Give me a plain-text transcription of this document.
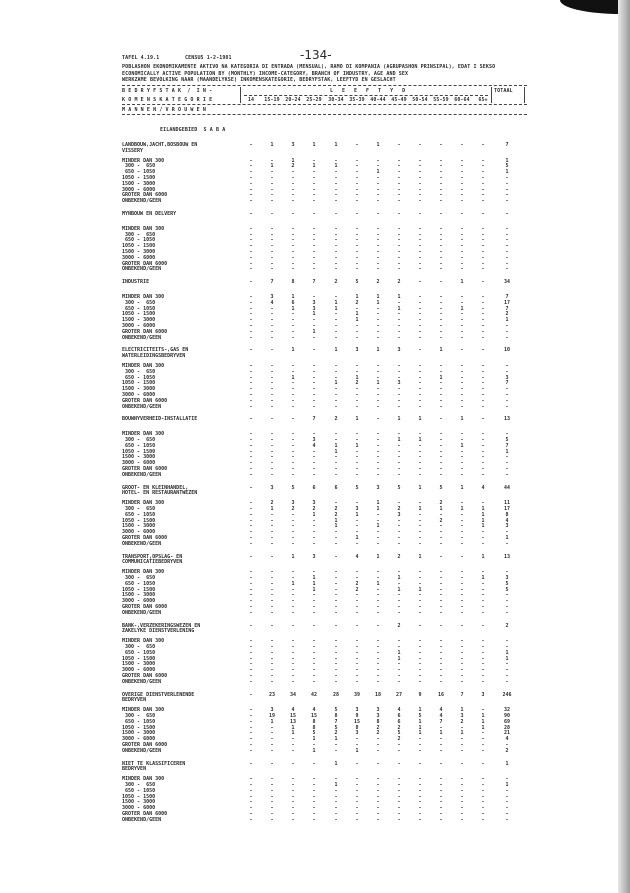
TAFEL 4.19.1	CENSUS 1-2-1981	-134-
POBLASHON EKONOMIKAMENTE AKTIVO NA KATEGORIA DI ENTRADA (MENSUAL), RAMO DI KOMPANIA (AGRUPASHON PRINSIPAL), EDAT I SEKSO
ECONOMICALLY ACTIVE POPULATION BY (MONTHLY) INCOME-CATEGORY, BRANCH OF INDUSTRY, AGE AND SEX
WERKZAME BEVOLKING NAAR (MAANDELYKSE) INKOMENSKATEGORIE, BEDRYFSTAK, LEEFTYD EN GESLACHT
B E D R Y F S T A K  /  I N -	L E E F T Y D	TOTAAL
K O M E N S K A T E G O R I E	14	15-19	20-24	25-29	30-34	35-39	40-44	45-49	50-54	55-59	60-64	65+
M A N N E N / V R O U W E N
EILANDGEBIED  S A B A
LANDBOUW,JACHT,BOSBOUW EN	-	1	3	1	1	-	1	-	-	-	-	-	7
VISSERY
MINDER DAN 300	-	-	1	-	-	-	-	-	-	-	-	-	1
300 -  650	-	1	2	1	1	-	-	-	-	-	-	-	5
650 - 1050	-	-	-	-	-	-	1	-	-	-	-	-	1
1050 - 1500	-	-	-	-	-	-	-	-	-	-	-	-	-
1500 - 3000	-	-	-	-	-	-	-	-	-	-	-	-	-
3000 - 6000	-	-	-	-	-	-	-	-	-	-	-	-	-
GROTER DAN 6000	-	-	-	-	-	-	-	-	-	-	-	-	-
ONBEKEND/GEEN	-	-	-	-	-	-	-	-	-	-	-	-	-
MYNBOUW EN DELVERY	-	-	-	-	-	-	-	-	-	-	-	-	-
MINDER DAN 300	-	-	-	-	-	-	-	-	-	-	-	-	-
300 -  650	-	-	-	-	-	-	-	-	-	-	-	-	-
650 - 1050	-	-	-	-	-	-	-	-	-	-	-	-	-
1050 - 1500	-	-	-	-	-	-	-	-	-	-	-	-	-
1500 - 3000	-	-	-	-	-	-	-	-	-	-	-	-	-
3000 - 6000	-	-	-	-	-	-	-	-	-	-	-	-	-
GROTER DAN 6000	-	-	-	-	-	-	-	-	-	-	-	-	-
ONBEKEND/GEEN	-	-	-	-	-	-	-	-	-	-	-	-	-
INDUSTRIE	-	7	8	7	2	5	2	2	-	-	1	-	34
MINDER DAN 300	-	3	1	-	-	1	1	1	-	-	-	-	7
300 -  650	-	4	6	3	1	2	1	-	-	-	-	-	17
650 - 1050	-	-	1	3	1	-	-	1	-	-	1	-	7
1050 - 1500	-	-	-	1	-	1	-	-	-	-	-	-	2
1500 - 3000	-	-	-	-	-	1	-	-	-	-	-	-	1
3000 - 6000	-	-	-	-	-	-	-	-	-	-	-	-	-
GROTER DAN 6000	-	-	-	1	-	-	-	-	-	-	-	-	-
ONBEKEND/GEEN	-	-	-	-	-	-	-	-	-	-	-	-	-
ELECTRICITEITS-,GAS EN	-	-	1	-	1	3	1	3	-	1	-	-	10
WATERLEIDINGSBEDRYVEN
MINDER DAN 300	-	-	-	-	-	-	-	-	-	-	-	-	-
300 -  650	-	-	-	-	-	-	-	-	-	-	-	-	-
650 - 1050	-	-	1	-	-	1	-	-	-	1	-	-	3
1050 - 1500	-	-	-	-	1	2	1	3	-	-	-	-	7
1500 - 3000	-	-	-	-	-	-	-	-	-	-	-	-	-
3000 - 6000	-	-	-	-	-	-	-	-	-	-	-	-	-
GROTER DAN 6000	-	-	-	-	-	-	-	-	-	-	-	-	-
ONBEKEND/GEEN	-	-	-	-	-	-	-	-	-	-	-	-	-
BOUWNYVERHEID-INSTALLATIE	-	-	-	7	2	1	-	1	1	-	1	-	13
MINDER DAN 300	-	-	-	-	-	-	-	-	-	-	-	-	-
300 -  650	-	-	-	3	-	-	-	1	1	-	-	-	5
650 - 1050	-	-	-	4	1	1	-	-	-	-	1	-	7
1050 - 1500	-	-	-	-	1	-	-	-	-	-	-	-	1
1500 - 3000	-	-	-	-	-	-	-	-	-	-	-	-	-
3000 - 6000	-	-	-	-	-	-	-	-	-	-	-	-	-
GROTER DAN 6000	-	-	-	-	-	-	-	-	-	-	-	-	-
ONBEKEND/GEEN	-	-	-	-	-	-	-	-	-	-	-	-	-
GROOT- EN KLEINHANDEL,	-	3	5	6	6	5	3	5	1	5	1	4	44
HOTEL- EN RESTAURANTWEZEN
MINDER DAN 300	-	2	3	3	-	-	1	-	-	2	-	-	11
300 -  650	-	1	2	2	2	3	1	2	1	1	1	1	17
650 - 1050	-	-	-	1	2	1	-	3	-	-	-	1	8
1050 - 1500	-	-	-	-	1	-	-	-	-	2	-	1	4
1500 - 3000	-	-	-	-	1	-	1	-	-	-	-	1	3
3000 - 6000	-	-	-	-	-	-	-	-	-	-	-	-	-
GROTER DAN 6000	-	-	-	-	-	1	-	-	-	-	-	-	1
ONBEKEND/GEEN	-	-	-	-	-	-	-	-	-	-	-	-	-
TRANSPORT,OPSLAG- EN	-	-	1	3	-	4	1	2	1	-	-	1	13
COMMUNICATIEBEDRYVEN
MINDER DAN 300	-	-	-	-	-	-	-	-	-	-	-	-	-
300 -  650	-	-	-	1	-	-	-	1	-	-	-	1	3
650 - 1050	-	-	1	1	-	2	1	-	-	-	-	-	5
1050 - 1500	-	-	-	1	-	2	-	1	1	-	-	-	5
1500 - 3000	-	-	-	-	-	-	-	-	-	-	-	-	-
3000 - 6000	-	-	-	-	-	-	-	-	-	-	-	-	-
GROTER DAN 6000	-	-	-	-	-	-	-	-	-	-	-	-	-
ONBEKEND/GEEN	-	-	-	-	-	-	-	-	-	-	-	-	-
BANK-,VERZEKERINGSWEZEN EN	-	-	-	-	-	-	-	2	-	-	-	-	2
ZAKELYKE DIENSTVERLENING
MINDER DAN 300	-	-	-	-	-	-	-	-	-	-	-	-	-
300 -  650	-	-	-	-	-	-	-	-	-	-	-	-	-
650 - 1050	-	-	-	-	-	-	-	1	-	-	-	-	1
1050 - 1500	-	-	-	-	-	-	-	1	-	-	-	-	1
1500 - 3000	-	-	-	-	-	-	-	-	-	-	-	-	-
3000 - 6000	-	-	-	-	-	-	-	-	-	-	-	-	-
GROTER DAN 6000	-	-	-	-	-	-	-	-	-	-	-	-	-
ONBEKEND/GEEN	-	-	-	-	-	-	-	-	-	-	-	-	-
OVERIGE DIENSTVERLENENDE	-	23	34	42	28	39	18	27	9	16	7	3	246
BEDRYVEN
MINDER DAN 300	-	3	4	4	5	3	3	4	1	4	1	-	32
300 -  650	-	19	15	15	8	9	3	6	5	4	3	1	90
650 - 1050	-	1	13	8	7	15	8	6	1	7	2	1	69
1050 - 1500	-	-	1	8	5	8	2	2	1	-	-	1	28
1500 - 3000	-	-	1	5	2	3	2	5	1	1	1	-	21
3000 - 6000	-	-	-	1	1	-	-	2	-	-	-	-	4
GROTER DAN 6000	-	-	-	-	-	-	-	-	-	-	-	-	-
ONBEKEND/GEEN	-	-	-	1	-	1	-	-	-	-	-	-	2
NIET TE KLASSIFICEREN	-	-	-	-	1	-	-	-	-	-	-	-	1
BEDRYVEN
MINDER DAN 300	-	-	-	-	-	-	-	-	-	-	-	-	-
300 -  650	-	-	-	-	1	-	-	-	-	-	-	-	1
650 - 1050	-	-	-	-	-	-	-	-	-	-	-	-	-
1050 - 1500	-	-	-	-	-	-	-	-	-	-	-	-	-
1500 - 3000	-	-	-	-	-	-	-	-	-	-	-	-	-
3000 - 6000	-	-	-	-	-	-	-	-	-	-	-	-	-
GROTER DAN 6000	-	-	-	-	-	-	-	-	-	-	-	-	-
ONBEKEND/GEEN	-	-	-	-	-	-	-	-	-	-	-	-	-
